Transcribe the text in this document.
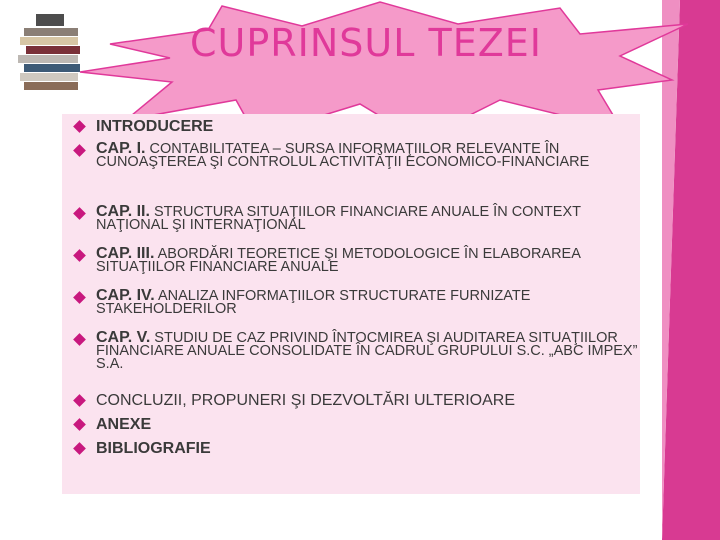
CUPRINSUL TEZEI
INTRODUCERE
CAP. I. CONTABILITATEA – SURSA INFORMAŢIILOR RELEVANTE ÎN CUNOAŞTEREA ŞI CONTROLUL ACTIVITĂŢII ECONOMICO-FINANCIARE
CAP. II. STRUCTURA SITUAŢIILOR FINANCIARE ANUALE ÎN CONTEXT NAŢIONAL ŞI INTERNAŢIONAL
CAP. III. ABORDĂRI TEORETICE ŞI METODOLOGICE ÎN ELABORAREA SITUAŢIILOR FINANCIARE ANUALE
CAP. IV. ANALIZA INFORMAŢIILOR STRUCTURATE FURNIZATE STAKEHOLDERILOR
CAP. V. STUDIU DE CAZ PRIVIND ÎNTOCMIREA ŞI AUDITAREA SITUAŢIILOR FINANCIARE ANUALE CONSOLIDATE ÎN CADRUL GRUPULUI S.C. „ABC IMPEX” S.A.
CONCLUZII, PROPUNERI ŞI DEZVOLTĂRI ULTERIOARE
ANEXE
BIBLIOGRAFIE
